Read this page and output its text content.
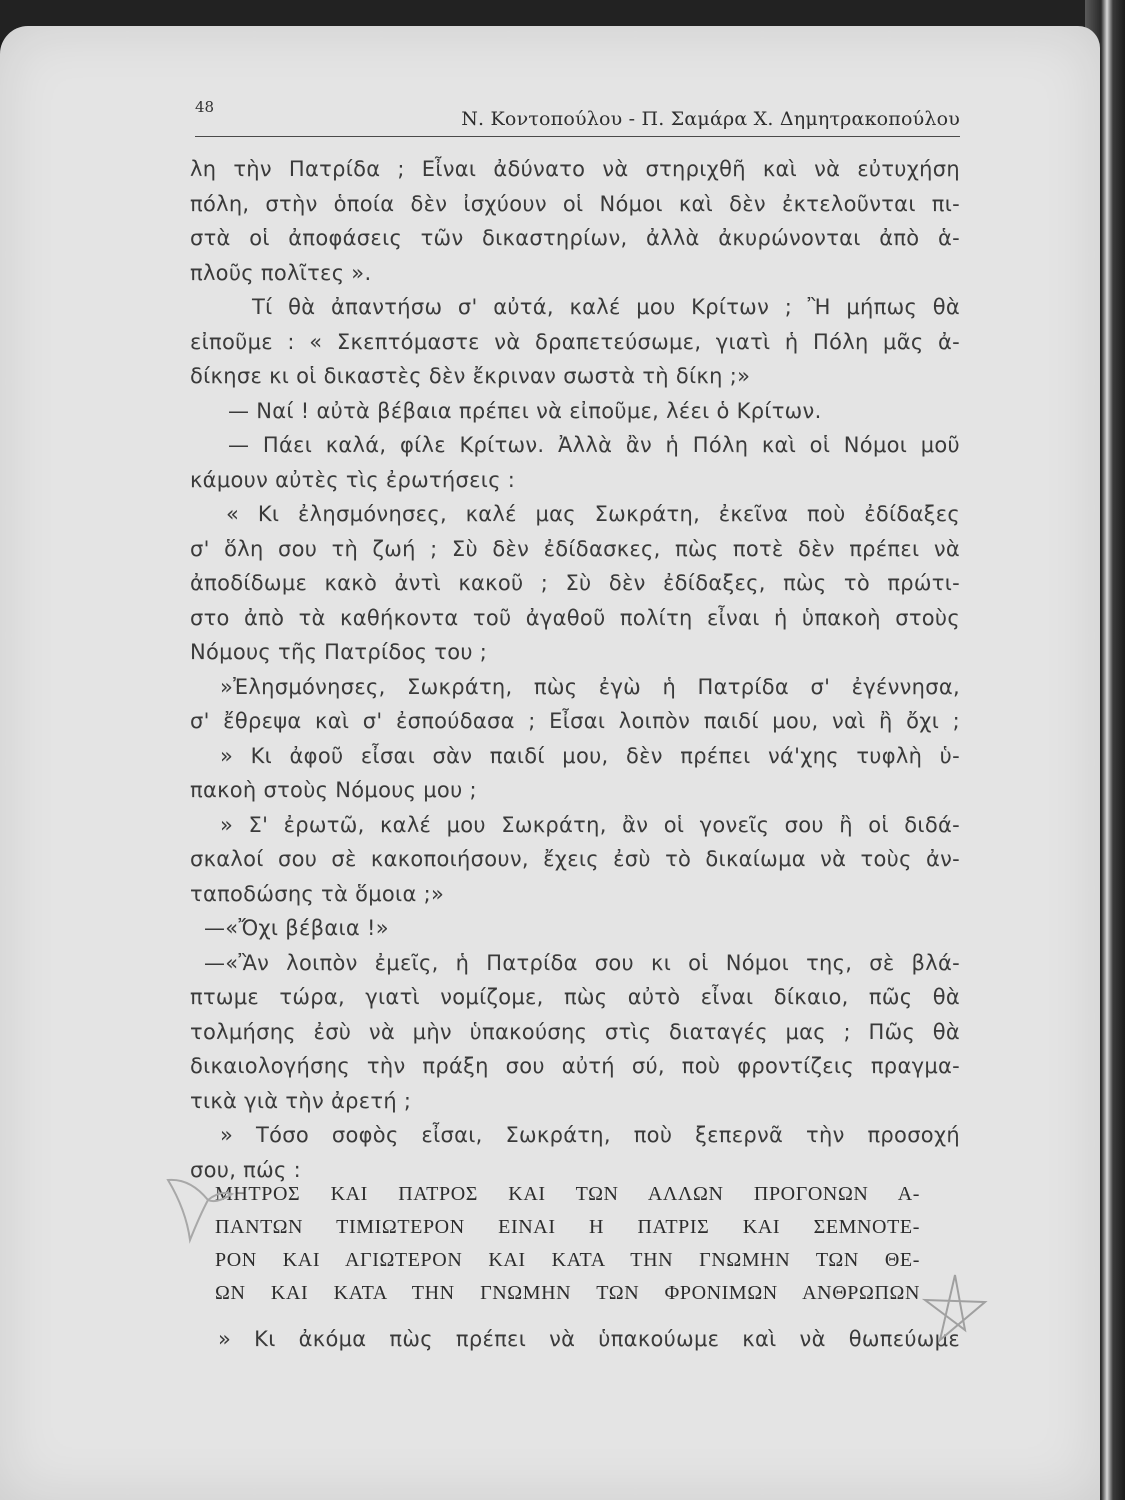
48
Ν. Κοντοπούλου - Π. Σαμάρα Χ. Δημητρακοπούλου
λη τὴν Πατρίδα ; Εἶναι ἀδύνατο νὰ στηριχθῆ καὶ νὰ εὐτυχήση
πόλη, στὴν ὁποία δὲν ἰσχύουν οἱ Νόμοι καὶ δὲν ἐκτελοῦνται πι-
στὰ οἱ ἀποφάσεις τῶν δικαστηρίων, ἀλλὰ ἀκυρώνονται ἀπὸ ἁ-
πλοῦς πολῖτες ».
Τί θὰ ἀπαντήσω σ' αὐτά, καλέ μου Κρίτων ; Ἢ μήπως θὰ
εἰποῦμε : « Σκεπτόμαστε νὰ δραπετεύσωμε, γιατὶ ἡ Πόλη μᾶς ἀ-
δίκησε κι οἱ δικαστὲς δὲν ἔκριναν σωστὰ τὴ δίκη ;»
— Ναί ! αὐτὰ βέβαια πρέπει νὰ εἰποῦμε, λέει ὁ Κρίτων.
— Πάει καλά, φίλε Κρίτων. Ἀλλὰ ἂν ἡ Πόλη καὶ οἱ Νόμοι μοῦ
κάμουν αὐτὲς τὶς ἐρωτήσεις :
« Κι ἐλησμόνησες, καλέ μας Σωκράτη, ἐκεῖνα ποὺ ἐδίδαξες
σ' ὅλη σου τὴ ζωή ; Σὺ δὲν ἐδίδασκες, πὼς ποτὲ δὲν πρέπει νὰ
ἀποδίδωμε κακὸ ἀντὶ κακοῦ ; Σὺ δὲν ἐδίδαξες, πὼς τὸ πρώτι-
στο ἀπὸ τὰ καθήκοντα τοῦ ἀγαθοῦ πολίτη εἶναι ἡ ὑπακοὴ στοὺς
Νόμους τῆς Πατρίδος του ;
»Ἐλησμόνησες, Σωκράτη, πὼς ἐγὼ ἡ Πατρίδα σ' ἐγέννησα,
σ' ἔθρεψα καὶ σ' ἐσπούδασα ; Εἶσαι λοιπὸν παιδί μου, ναὶ ἢ ὄχι ;
» Κι ἀφοῦ εἶσαι σὰν παιδί μου, δὲν πρέπει νά'χης τυφλὴ ὑ-
πακοὴ στοὺς Νόμους μου ;
» Σ' ἐρωτῶ, καλέ μου Σωκράτη, ἂν οἱ γονεῖς σου ἢ οἱ διδά-
σκαλοί σου σὲ κακοποιήσουν, ἔχεις ἐσὺ τὸ δικαίωμα νὰ τοὺς ἀν-
ταποδώσης τὰ ὅμοια ;»
—«Ὄχι βέβαια !»
—«Ἂν λοιπὸν ἐμεῖς, ἡ Πατρίδα σου κι οἱ Νόμοι της, σὲ βλά-
πτωμε τώρα, γιατὶ νομίζομε, πὼς αὐτὸ εἶναι δίκαιο, πῶς θὰ
τολμήσης ἐσὺ νὰ μὴν ὑπακούσης στὶς διαταγές μας ; Πῶς θὰ
δικαιολογήσης τὴν πράξη σου αὐτή σύ, ποὺ φροντίζεις πραγμα-
τικὰ γιὰ τὴν ἀρετή ;
» Τόσο σοφὸς εἶσαι, Σωκράτη, ποὺ ξεπερνᾶ τὴν προσοχή
σου, πώς :
ΜΗΤΡΟΣ ΚΑΙ ΠΑΤΡΟΣ ΚΑΙ ΤΩΝ ΑΛΛΩΝ ΠΡΟΓΟΝΩΝ Α-
ΠΑΝΤΩΝ ΤΙΜΙΩΤΕΡΟΝ ΕΙΝΑΙ Η ΠΑΤΡΙΣ ΚΑΙ ΣΕΜΝΟΤΕ-
ΡΟΝ ΚΑΙ ΑΓΙΩΤΕΡΟΝ ΚΑΙ ΚΑΤΑ ΤΗΝ ΓΝΩΜΗΝ ΤΩΝ ΘΕ-
ΩΝ ΚΑΙ ΚΑΤΑ ΤΗΝ ΓΝΩΜΗΝ ΤΩΝ ΦΡΟΝΙΜΩΝ ΑΝΘΡΩΠΩΝ
» Κι ἀκόμα πὼς πρέπει νὰ ὑπακούωμε καὶ νὰ θωπεύωμε
